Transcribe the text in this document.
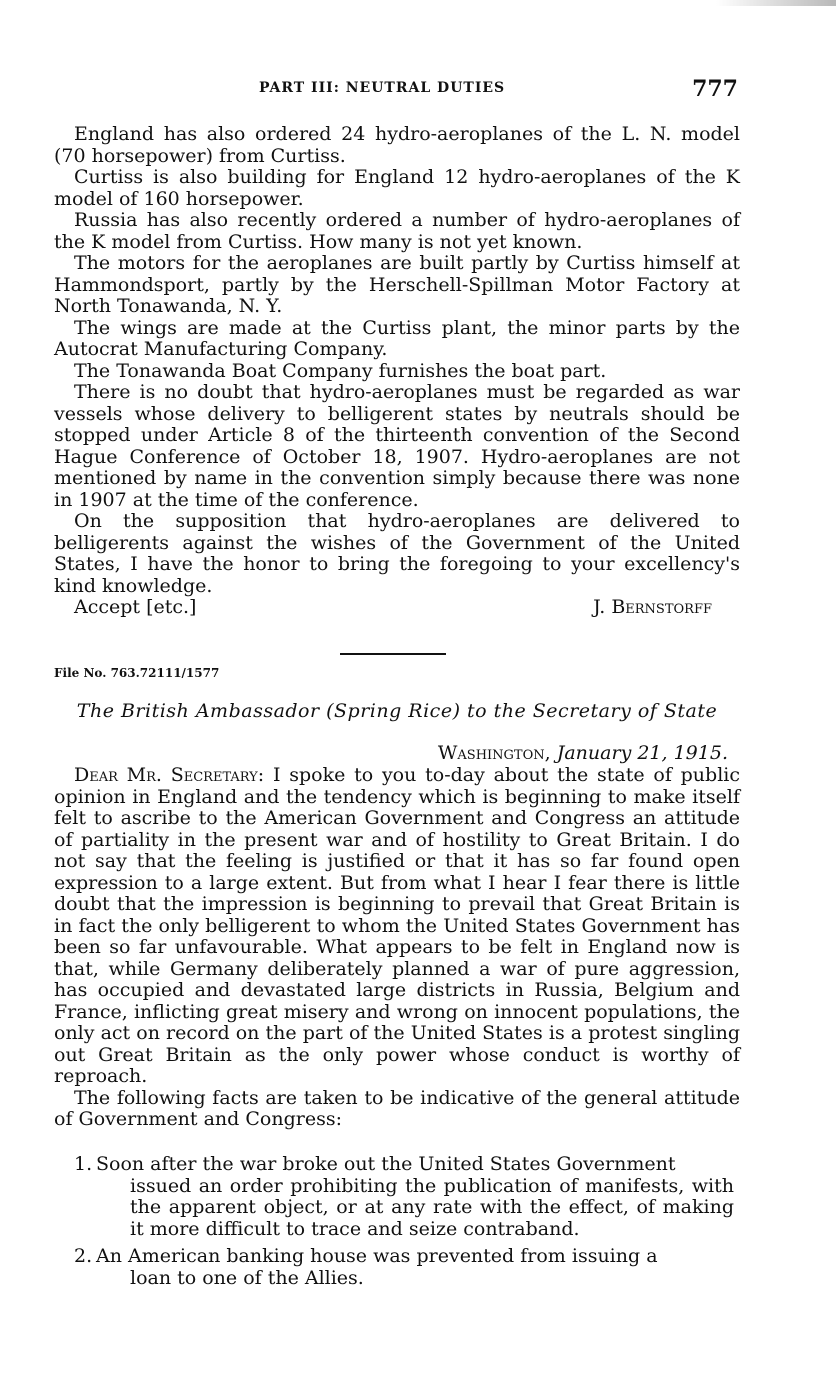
PART III: NEUTRAL DUTIES	777

England has also ordered 24 hydro-aeroplanes of the L. N. model (70 horsepower) from Curtiss.

Curtiss is also building for England 12 hydro-aeroplanes of the K model of 160 horsepower.

Russia has also recently ordered a number of hydro-aeroplanes of the K model from Curtiss. How many is not yet known.

The motors for the aeroplanes are built partly by Curtiss himself at Hammondsport, partly by the Herschell-Spillman Motor Factory at North Tonawanda, N. Y.

The wings are made at the Curtiss plant, the minor parts by the Autocrat Manufacturing Company.

The Tonawanda Boat Company furnishes the boat part.

There is no doubt that hydro-aeroplanes must be regarded as war vessels whose delivery to belligerent states by neutrals should be stopped under Article 8 of the thirteenth convention of the Second Hague Conference of October 18, 1907. Hydro-aeroplanes are not mentioned by name in the convention simply because there was none in 1907 at the time of the conference.

On the supposition that hydro-aeroplanes are delivered to belligerents against the wishes of the Government of the United States, I have the honor to bring the foregoing to your excellency's kind knowledge.

Accept [etc.]	J. Bernstorff
File No. 763.72111/1577
The British Ambassador (Spring Rice) to the Secretary of State
Washington, January 21, 1915.

Dear Mr. Secretary: I spoke to you to-day about the state of public opinion in England and the tendency which is beginning to make itself felt to ascribe to the American Government and Congress an attitude of partiality in the present war and of hostility to Great Britain. I do not say that the feeling is justified or that it has so far found open expression to a large extent. But from what I hear I fear there is little doubt that the impression is beginning to prevail that Great Britain is in fact the only belligerent to whom the United States Government has been so far unfavourable. What appears to be felt in England now is that, while Germany deliberately planned a war of pure aggression, has occupied and devastated large districts in Russia, Belgium and France, inflicting great misery and wrong on innocent populations, the only act on record on the part of the United States is a protest singling out Great Britain as the only power whose conduct is worthy of reproach.

The following facts are taken to be indicative of the general attitude of Government and Congress:

1. Soon after the war broke out the United States Government
issued an order prohibiting the publication of manifests, with the apparent object, or at any rate with the effect, of making it more difficult to trace and seize contraband.
2. An American banking house was prevented from issuing a
loan to one of the Allies.
